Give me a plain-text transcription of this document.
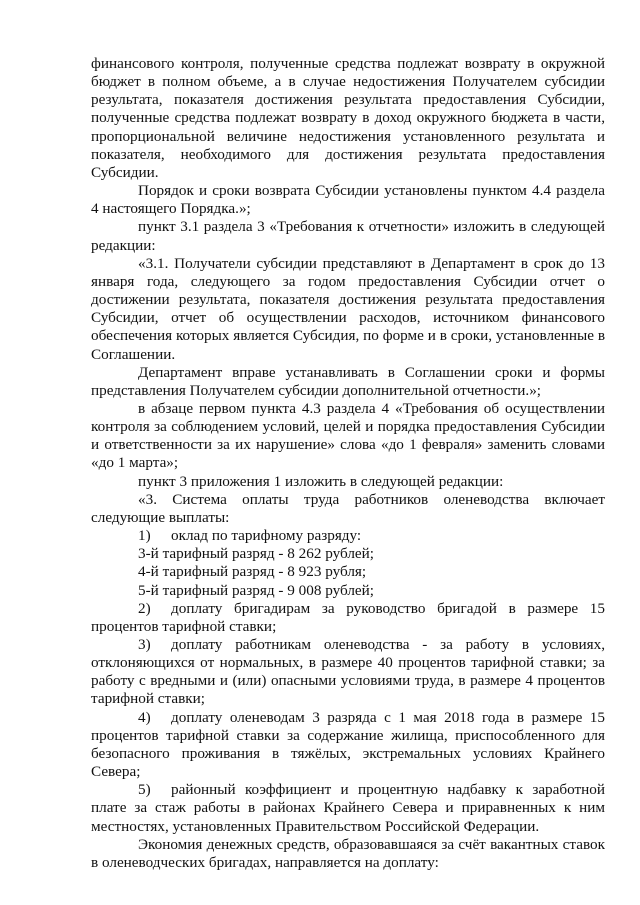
финансового контроля, полученные средства подлежат возврату в окружной бюджет в полном объеме, а в случае недостижения Получателем субсидии результата, показателя достижения результата предоставления Субсидии, полученные средства подлежат возврату в доход окружного бюджета в части, пропорциональной величине недостижения установленного результата и показателя, необходимого для достижения результата предоставления Субсидии.

Порядок и сроки возврата Субсидии установлены пунктом 4.4 раздела 4 настоящего Порядка.»;

пункт 3.1 раздела 3 «Требования к отчетности» изложить в следующей редакции:

«3.1. Получатели субсидии представляют в Департамент в срок до 13 января года, следующего за годом предоставления Субсидии отчет о достижении результата, показателя достижения результата предоставления Субсидии, отчет об осуществлении расходов, источником финансового обеспечения которых является Субсидия, по форме и в сроки, установленные в Соглашении.

Департамент вправе устанавливать в Соглашении сроки и формы представления Получателем субсидии дополнительной отчетности.»;

в абзаце первом пункта 4.3 раздела 4 «Требования об осуществлении контроля за соблюдением условий, целей и порядка предоставления Субсидии и ответственности за их нарушение» слова «до 1 февраля» заменить словами «до 1 марта»;

пункт 3 приложения 1 изложить в следующей редакции:

«3. Система оплаты труда работников оленеводства включает следующие выплаты:

1) оклад по тарифному разряду:

3-й тарифный разряд - 8 262 рублей;

4-й тарифный разряд - 8 923 рубля;

5-й тарифный разряд - 9 008 рублей;

2) доплату бригадирам за руководство бригадой в размере 15 процентов тарифной ставки;

3) доплату работникам оленеводства - за работу в условиях, отклоняющихся от нормальных, в размере 40 процентов тарифной ставки; за работу с вредными и (или) опасными условиями труда, в размере 4 процентов тарифной ставки;

4) доплату оленеводам 3 разряда с 1 мая 2018 года в размере 15 процентов тарифной ставки за содержание жилища, приспособленного для безопасного проживания в тяжёлых, экстремальных условиях Крайнего Севера;

5) районный коэффициент и процентную надбавку к заработной плате за стаж работы в районах Крайнего Севера и приравненных к ним местностях, установленных Правительством Российской Федерации.

Экономия денежных средств, образовавшаяся за счёт вакантных ставок в оленеводческих бригадах, направляется на доплату:
